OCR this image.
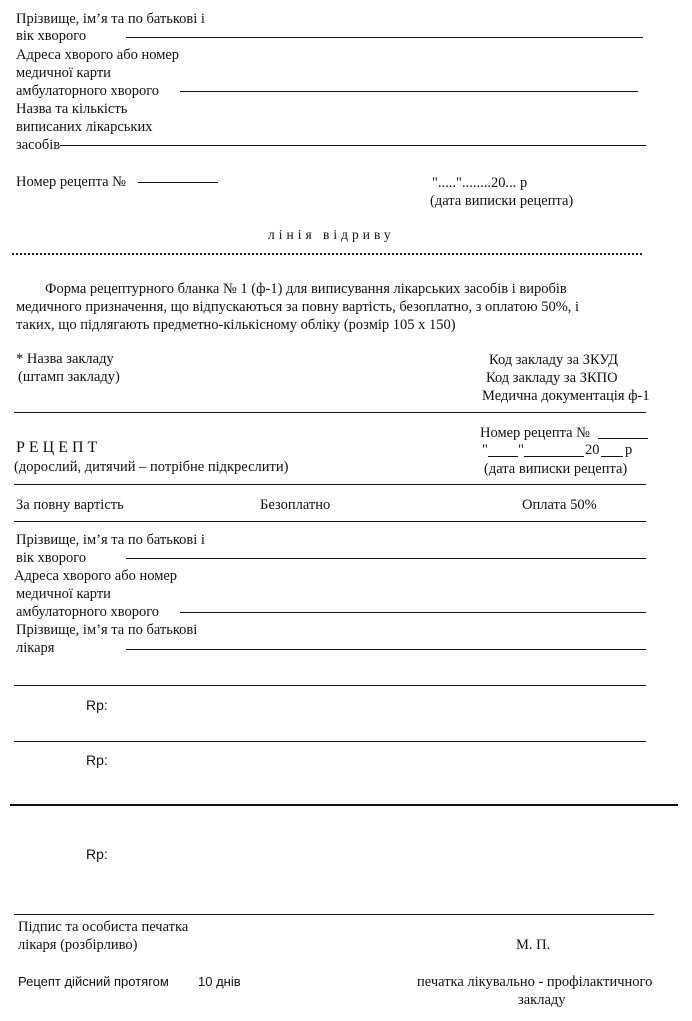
Прізвище, ім’я та по батькові і
вік хворого
Адреса хворого або номер
медичної карти
амбулаторного хворого
Назва та кількість
виписаних лікарських
засобів
Номер рецепта №	"....."........20... р
(дата виписки рецепта)
лінія відриву
Форма рецептурного бланка № 1 (ф-1) для виписування лікарських засобів і виробів
медичного призначення, що відпускаються за повну вартість, безоплатно, з оплатою 50%, і
таких, що підлягають предметно-кількісному обліку (розмір 105 х 150)
* Назва закладу
(штамп закладу)
Код закладу за ЗКУД
Код закладу за ЗКПО
Медична документація ф-1
РЕЦЕПТ
(дорослий, дитячий – потрібне підкреслити)
Номер рецепта №
" "	20 р
(дата виписки рецепта)
За повну вартість	Безоплатно	Оплата 50%
Прізвище, ім’я та по батькові і
вік хворого
Адреса хворого або номер
медичної карти
амбулаторного хворого
Прізвище, ім’я та по батькові
лікаря
Rp:
Rp:
Rp:
Підпис та особиста печатка
лікаря (розбірливо)	М. П.
Рецепт дійсний протягом 10 днів	печатка лікувально - профілактичного
закладу
